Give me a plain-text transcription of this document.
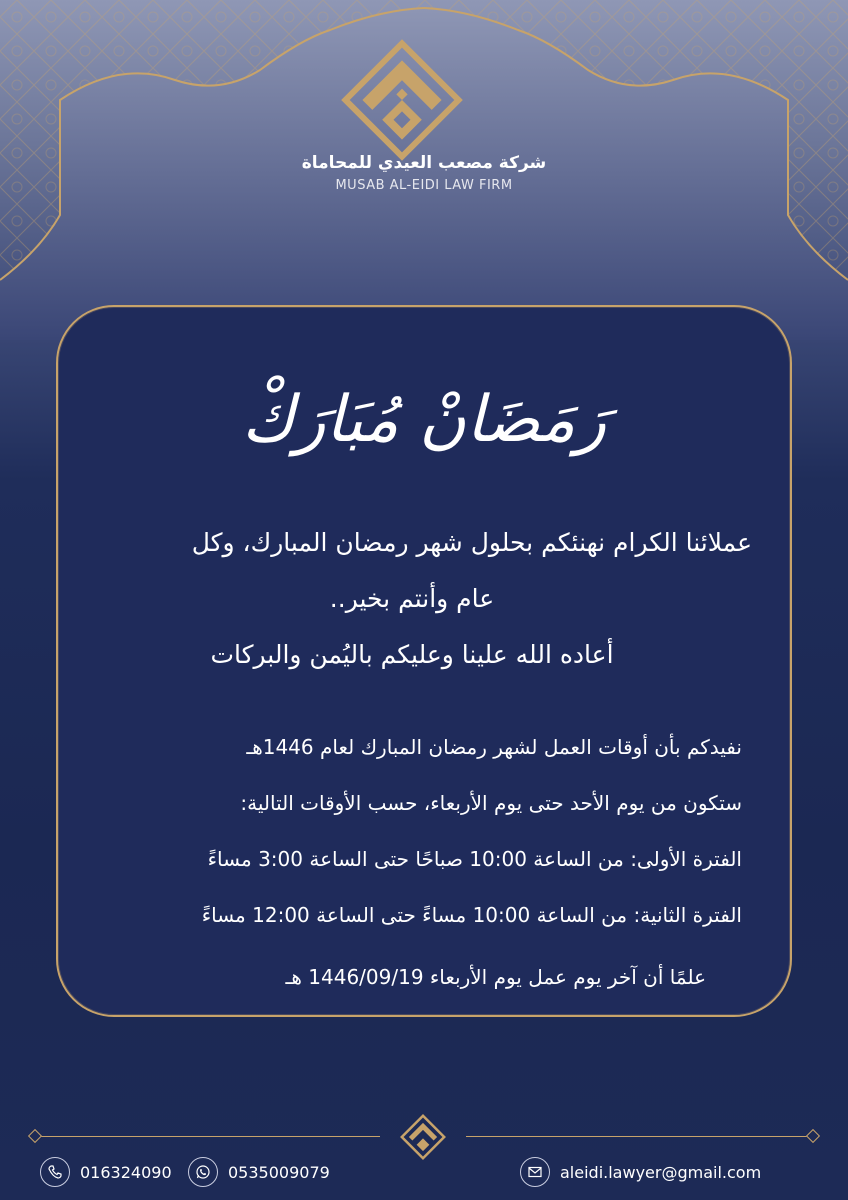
شركة مصعب العيدي للمحاماة
MUSAB AL-EIDI LAW FIRM
رَمَضَانْ مُبَارَكْ
عملائنا الكرام نهنئكم بحلول شهر رمضان المبارك، وكل
عام وأنتم بخير..
أعاده الله علينا وعليكم باليُمن والبركات
نفيدكم بأن أوقات العمل لشهر رمضان المبارك لعام 1446هـ
ستكون من يوم الأحد حتى يوم الأربعاء، حسب الأوقات التالية:
الفترة الأولى: من الساعة 10:00 صباحًا حتى الساعة 3:00 مساءً
الفترة الثانية: من الساعة 10:00 مساءً حتى الساعة 12:00 مساءً
علمًا أن آخر يوم عمل يوم الأربعاء 1446/09/19 هـ
016324090	0535009079	aleidi.lawyer@gmail.com
